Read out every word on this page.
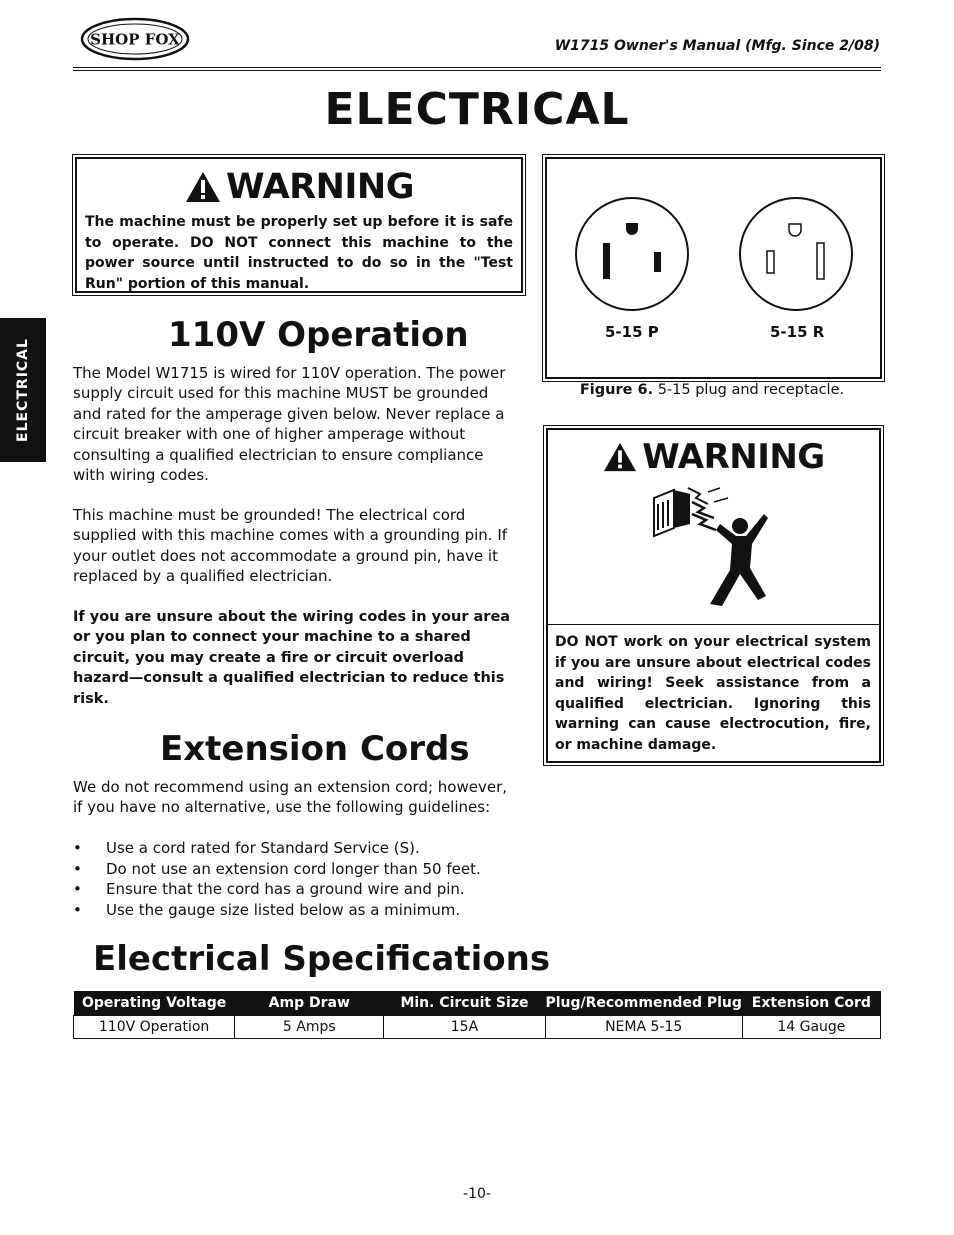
SHOP FOX	W1715 Owner's Manual (Mfg. Since 2/08)
ELECTRICAL
ELECTRICAL
WARNING
The machine must be properly set up before it is safe to operate. DO NOT connect this machine to the power source until instructed to do so in the "Test Run" portion of this manual.
110V Operation

The Model W1715 is wired for 110V operation. The power supply circuit used for this machine MUST be grounded and rated for the amperage given below. Never replace a circuit breaker with one of higher amperage without consulting a qualified electrician to ensure compliance with wiring codes.

This machine must be grounded! The electrical cord supplied with this machine comes with a grounding pin. If your outlet does not accommodate a ground pin, have it replaced by a qualified electrician.

If you are unsure about the wiring codes in your area or you plan to connect your machine to a shared circuit, you may create a fire or circuit overload hazard—consult a qualified electrician to reduce this risk.

5-15 P	5-15 R
Figure 6. 5-15 plug and receptacle.
WARNING
DO NOT work on your electrical system if you are unsure about electrical codes and wiring! Seek assistance from a qualified electrician. Ignoring this warning can cause electrocution, fire, or machine damage.
Extension Cords

We do not recommend using an extension cord; however, if you have no alternative, use the following guidelines:

• Use a cord rated for Standard Service (S).
• Do not use an extension cord longer than 50 feet.
• Ensure that the cord has a ground wire and pin.
• Use the gauge size listed below as a minimum.
Electrical Specifications
Operating Voltage	Amp Draw	Min. Circuit Size	Plug/Recommended Plug	Extension Cord
110V Operation	5 Amps	15A	NEMA 5-15	14 Gauge
-10-
